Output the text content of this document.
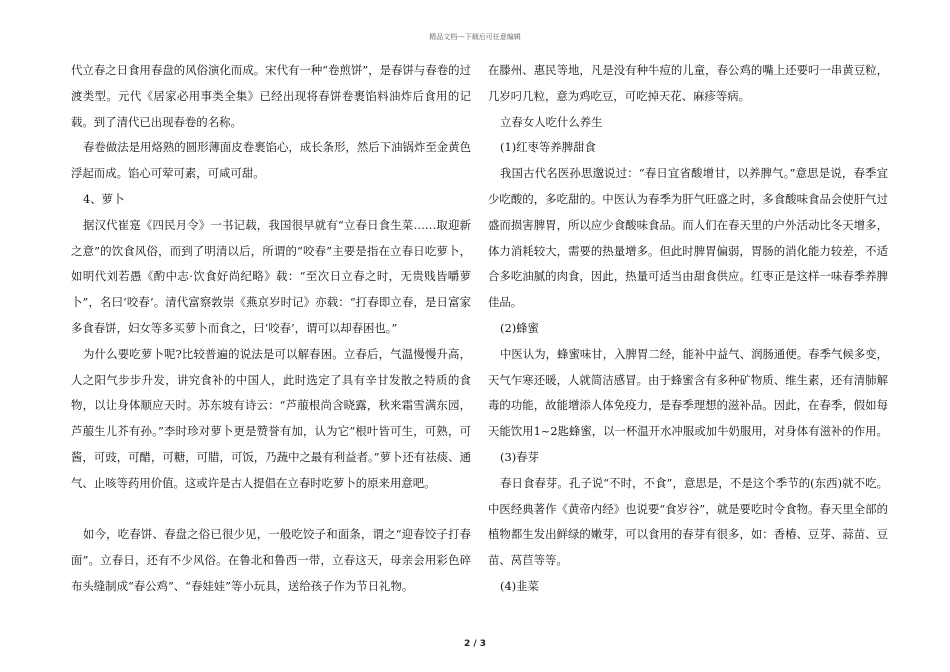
精品文档---下载后可任意编辑

代立春之日食用春盘的风俗演化而成。宋代有一种“卷煎饼”，是春饼与春卷的过渡类型。元代《居家必用事类全集》已经出现将春饼卷裹馅料油炸后食用的记载。到了清代已出现春卷的名称。

春卷做法是用烙熟的圆形薄面皮卷裹馅心，成长条形，然后下油锅炸至金黄色浮起而成。馅心可荤可素，可咸可甜。

4、萝卜

据汉代崔寔《四民月令》一书记载，我国很早就有“立春日食生菜……取迎新之意”的饮食风俗，而到了明清以后，所谓的“咬春”主要是指在立春日吃萝卜，如明代刘若愚《酌中志·饮食好尚纪略》载：“至次日立春之时，无贵贱皆嚼萝卜”，名曰‘咬春’。清代富察敦崇《燕京岁时记》亦载：“打春即立春，是日富家多食春饼，妇女等多买萝卜而食之，曰‘咬春’，谓可以却春困也。”

为什么要吃萝卜呢?比较普遍的说法是可以解春困。立春后，气温慢慢升高，人之阳气步步升发，讲究食补的中国人，此时选定了具有辛甘发散之特质的食物，以让身体顺应天时。苏东坡有诗云：“芦菔根尚含晓露，秋来霜雪满东园，芦菔生儿芥有孙。”李时珍对萝卜更是赞誉有加，认为它“根叶皆可生，可熟，可酱，可豉，可醋，可糖，可腊，可饭，乃蔬中之最有利益者。”萝卜还有祛痰、通气、止咳等药用价值。这或许是古人提倡在立春时吃萝卜的原来用意吧。

如今，吃春饼、春盘之俗已很少见，一般吃饺子和面条，谓之“迎春饺子打春面”。立春日，还有不少风俗。在鲁北和鲁西一带，立春这天，母亲会用彩色碎布头缝制成“春公鸡”、“春娃娃”等小玩具，送给孩子作为节日礼物。

在滕州、惠民等地，凡是没有种牛痘的儿童，春公鸡的嘴上还要叼一串黄豆粒，几岁叼几粒，意为鸡吃豆，可吃掉天花、麻疹等病。

立春女人吃什么养生

(1)红枣等养脾甜食

我国古代名医孙思邈说过：“春日宜省酸增甘，以养脾气。”意思是说，春季宜少吃酸的，多吃甜的。中医认为春季为肝气旺盛之时，多食酸味食品会使肝气过盛而损害脾胃，所以应少食酸味食品。而人们在春天里的户外活动比冬天增多，体力消耗较大，需要的热量增多。但此时脾胃偏弱，胃肠的消化能力较差，不适合多吃油腻的肉食，因此，热量可适当由甜食供应。红枣正是这样一味春季养脾佳品。

(2)蜂蜜

中医认为，蜂蜜味甘，入脾胃二经，能补中益气、润肠通便。春季气候多变，天气乍寒还暖，人就简洁感冒。由于蜂蜜含有多种矿物质、维生素，还有清肺解毒的功能，故能增添人体免疫力，是春季理想的滋补品。因此，在春季，假如每天能饮用1~2匙蜂蜜，以一杯温开水冲服或加牛奶服用，对身体有滋补的作用。

(3)春芽

春日食春芽。孔子说“不时，不食”，意思是，不是这个季节的(东西)就不吃。中医经典著作《黄帝内经》也说要“食岁谷”，就是要吃时令食物。春天里全部的植物都生发出鲜绿的嫩芽，可以食用的春芽有很多，如：香椿、豆芽、蒜苗、豆苗、莴苣等等。

(4)韭菜

2 / 3
